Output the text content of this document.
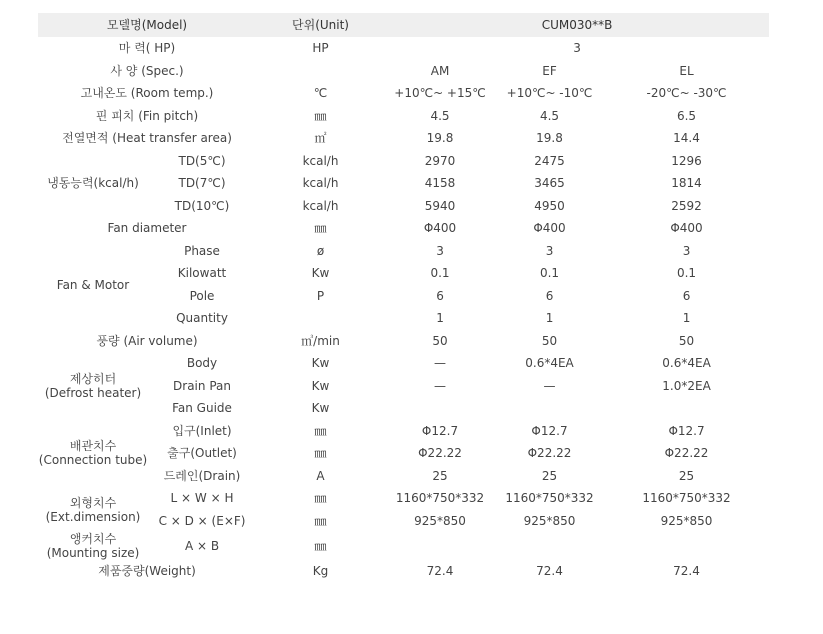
모델명(Model)		단위(Unit)	CUM030**B		
마 력( HP)		HP	3		
사 양 (Spec.)			AM	EF	EL
고내온도 (Room temp.)		℃	+10℃~ +15℃	+10℃~ -10℃	-20℃~ -30℃
핀 피치 (Fin pitch)		㎜	4.5	4.5	6.5
전열면적 (Heat transfer area)		㎡	19.8	19.8	14.4
냉동능력(kcal/h)	TD(5℃)	kcal/h	2970	2475	1296
	TD(7℃)	kcal/h	4158	3465	1814
	TD(10℃)	kcal/h	5940	4950	2592
Fan diameter		㎜	Φ400	Φ400	Φ400
Fan & Motor	Phase	ø	3	3	3
	Kilowatt	Kw	0.1	0.1	0.1
	Pole	P	6	6	6
	Quantity		1	1	1
풍량 (Air volume)		㎥/min	50	50	50
제상히터
(Defrost heater)	Body	Kw	—	0.6*4EA	0.6*4EA
	Drain Pan	Kw	—	—	1.0*2EA
	Fan Guide	Kw			
배관치수
(Connection tube)	입구(Inlet)	㎜	Φ12.7	Φ12.7	Φ12.7
	출구(Outlet)	㎜	Φ22.22	Φ22.22	Φ22.22
	드레인(Drain)	A	25	25	25
외형치수
(Ext.dimension)	L × W × H	㎜	1160*750*332	1160*750*332	1160*750*332
	C × D × (E×F)	㎜	925*850	925*850	925*850
앵커치수
(Mounting size)	A × B	㎜			
제품중량(Weight)		Kg	72.4	72.4	72.4
